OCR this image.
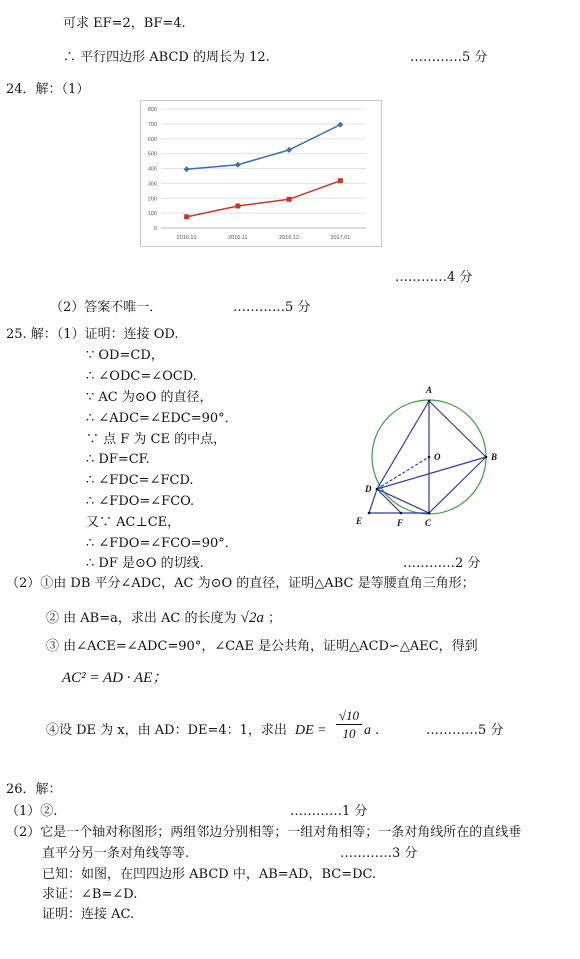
可求 EF=2，BF=4.
∴ 平行四边形 ABCD 的周长为 12.	…………5 分
24．解：（1）
0
100
200
300
400
500
600
700
800
2016.10	2016.11	2016.12	2017.01
…………4 分
（2）答案不唯一．	…………5 分
25. 解：（1）证明：连接 OD.
∵ OD=CD，
∴ ∠ODC=∠OCD.
∵ AC 为⊙O 的直径，
∴ ∠ADC=∠EDC=90°．
∵ 点 F 为 CE 的中点，
∴ DF=CF.
∴ ∠FDC=∠FCD.
∴ ∠FDO=∠FCO.
又∵ AC⊥CE，
∴ ∠FDO=∠FCO=90°．
∴ DF 是⊙O 的切线.	…………2 分
A
B
O
D
E	F C
（2）①由 DB 平分∠ADC，AC 为⊙O 的直径，证明△ABC 是等腰直角三角形；
② 由 AB=a，求出 AC 的长度为 √2a ；
③ 由∠ACE=∠ADC=90°，∠CAE 是公共角，证明△ACD∽△AEC，得到
AC² = AD · AE；
④设 DE 为 x，由 AD：DE=4：1，求出 DE = $\frac{√10}{10}$ a .	…………5 分
26．解：
（1）②.	…………1 分
（2）它是一个轴对称图形；两组邻边分别相等；一组对角相等；一条对角线所在的直线垂
直平分另一条对角线等等.	…………3 分
已知：如图，在凹四边形 ABCD 中，AB=AD，BC=DC.
求证：∠B=∠D.
证明：连接 AC.
